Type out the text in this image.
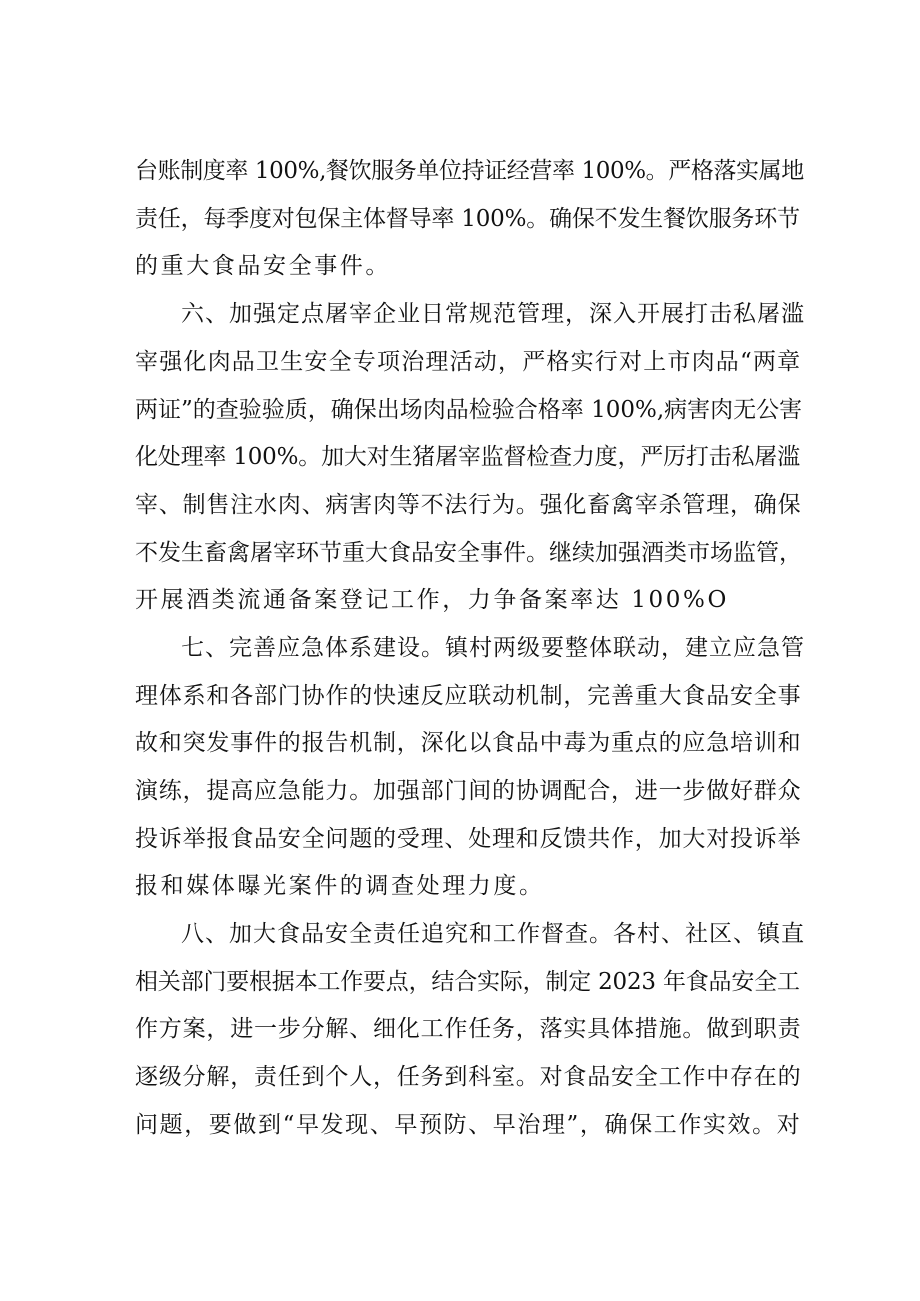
台账制度率 100%,餐饮服务单位持证经营率 100%。严格落实属地
责任，每季度对包保主体督导率 100%。确保不发生餐饮服务环节
的重大食品安全事件。
六、加强定点屠宰企业日常规范管理，深入开展打击私屠滥
宰强化肉品卫生安全专项治理活动，严格实行对上市肉品“两章
两证”的查验验质，确保出场肉品检验合格率 100%,病害肉无公害
化处理率 100%。加大对生猪屠宰监督检查力度，严厉打击私屠滥
宰、制售注水肉、病害肉等不法行为。强化畜禽宰杀管理，确保
不发生畜禽屠宰环节重大食品安全事件。继续加强酒类市场监管，
开展酒类流通备案登记工作，力争备案率达 100%O
七、完善应急体系建设。镇村两级要整体联动，建立应急管
理体系和各部门协作的快速反应联动机制，完善重大食品安全事
故和突发事件的报告机制，深化以食品中毒为重点的应急培训和
演练，提高应急能力。加强部门间的协调配合，进一步做好群众
投诉举报食品安全问题的受理、处理和反馈共作，加大对投诉举
报和媒体曝光案件的调查处理力度。
八、加大食品安全责任追究和工作督查。各村、社区、镇直
相关部门要根据本工作要点，结合实际，制定 2023 年食品安全工
作方案，进一步分解、细化工作任务，落实具体措施。做到职责
逐级分解，责任到个人，任务到科室。对食品安全工作中存在的
问题，要做到“早发现、早预防、早治理”，确保工作实效。对
